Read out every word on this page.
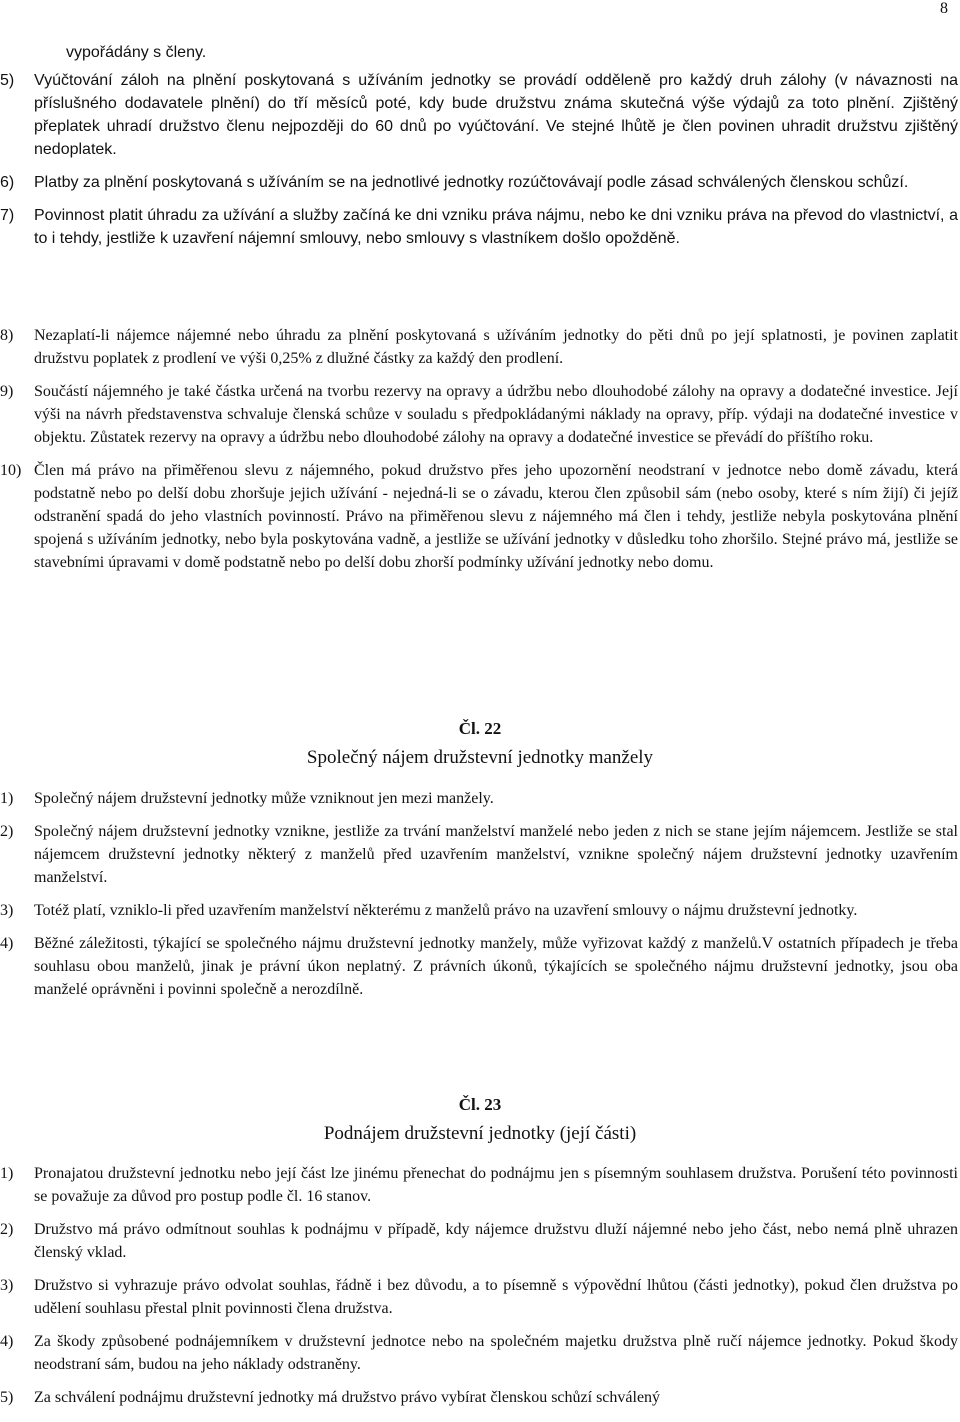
8
vypořádány s členy.
5) Vyúčtování záloh na plnění poskytovaná s užíváním jednotky se provádí odděleně pro každý druh zálohy (v návaznosti na příslušného dodavatele plnění) do tří měsíců poté, kdy bude družstvu známa skutečná výše výdajů za toto plnění. Zjištěný přeplatek uhradí družstvo členu nejpozději do 60 dnů po vyúčtování. Ve stejné lhůtě je člen povinen uhradit družstvu zjištěný nedoplatek.
6) Platby za plnění poskytovaná s užíváním se na jednotlivé jednotky rozúčtovávají podle zásad schválených členskou schůzí.
7) Povinnost platit úhradu za užívání a služby začíná ke dni vzniku práva nájmu, nebo ke dni vzniku práva na převod do vlastnictví, a to i tehdy, jestliže k uzavření nájemní smlouvy, nebo smlouvy s vlastníkem došlo opožděně.
8) Nezaplatí-li nájemce nájemné nebo úhradu za plnění poskytovaná s užíváním jednotky do pěti dnů po její splatnosti, je povinen zaplatit družstvu poplatek z prodlení ve výši 0,25% z dlužné částky za každý den prodlení.
9) Součástí nájemného je také částka určená na tvorbu rezervy na opravy a údržbu nebo dlouhodobé zálohy na opravy a dodatečné investice. Její výši na návrh představenstva schvaluje členská schůze v souladu s předpokládanými náklady na opravy, příp. výdaji na dodatečné investice v objektu. Zůstatek rezervy na opravy a údržbu nebo dlouhodobé zálohy na opravy a dodatečné investice se převádí do příštího roku.
10) Člen má právo na přiměřenou slevu z nájemného, pokud družstvo přes jeho upozornění neodstraní v jednotce nebo domě závadu, která podstatně nebo po delší dobu zhoršuje jejich užívání - nejedná-li se o závadu, kterou člen způsobil sám (nebo osoby, které s ním žijí) či jejíž odstranění spadá do jeho vlastních povinností. Právo na přiměřenou slevu z nájemného má člen i tehdy, jestliže nebyla poskytována plnění spojená s užíváním jednotky, nebo byla poskytována vadně, a jestliže se užívání jednotky v důsledku toho zhoršilo. Stejné právo má, jestliže se stavebními úpravami v domě podstatně nebo po delší dobu zhorší podmínky užívání jednotky nebo domu.
Čl. 22
Společný nájem družstevní jednotky manžely
1) Společný nájem družstevní jednotky může vzniknout jen mezi manžely.
2) Společný nájem družstevní jednotky vznikne, jestliže za trvání manželství manželé nebo jeden z nich se stane jejím nájemcem. Jestliže se stal nájemcem družstevní jednotky některý z manželů před uzavřením manželství, vznikne společný nájem družstevní jednotky uzavřením manželství.
3) Totéž platí, vzniklo-li před uzavřením manželství některému z manželů právo na uzavření smlouvy o nájmu družstevní jednotky.
4) Běžné záležitosti, týkající se společného nájmu družstevní jednotky manžely, může vyřizovat každý z manželů.V ostatních případech je třeba souhlasu obou manželů, jinak je právní úkon neplatný. Z právních úkonů, týkajících se společného nájmu družstevní jednotky, jsou oba manželé oprávněni i povinni společně a nerozdílně.
Čl. 23
Podnájem družstevní jednotky (její části)
1) Pronajatou družstevní jednotku nebo její část lze jinému přenechat do podnájmu jen s písemným souhlasem družstva. Porušení této povinnosti se považuje za důvod pro postup podle čl. 16 stanov.
2) Družstvo má právo odmítnout souhlas k podnájmu v případě, kdy nájemce družstvu dluží nájemné nebo jeho část, nebo nemá plně uhrazen členský vklad.
3) Družstvo si vyhrazuje právo odvolat souhlas, řádně i bez důvodu, a to písemně s výpovědní lhůtou (části jednotky), pokud člen družstva po udělení souhlasu přestal plnit povinnosti člena družstva.
4) Za škody způsobené podnájemníkem v družstevní jednotce nebo na společném majetku družstva plně ručí nájemce jednotky. Pokud škody neodstraní sám, budou na jeho náklady odstraněny.
5) Za schválení podnájmu družstevní jednotky má družstvo právo vybírat členskou schůzí schválený
